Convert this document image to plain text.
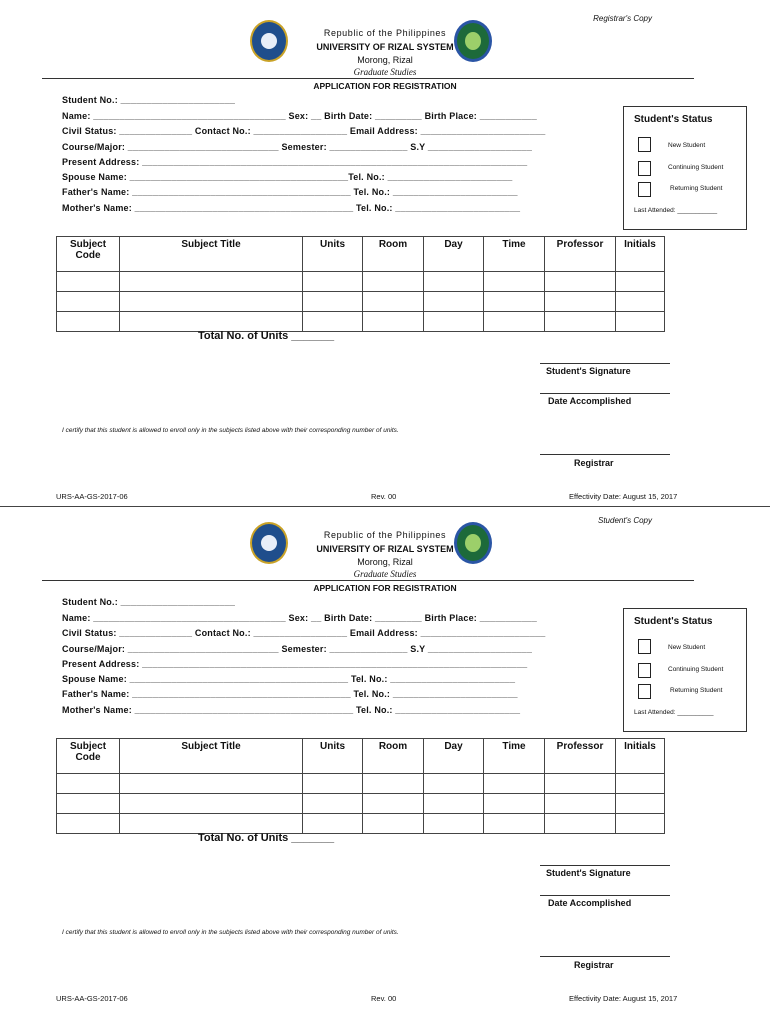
Registrar's Copy
Republic of the Philippines
UNIVERSITY OF RIZAL SYSTEM
Morong, Rizal
Graduate Studies
APPLICATION FOR REGISTRATION
Student No.: ______________________
Name: _____________________________________ Sex: __ Birth Date: _________ Birth Place: ___________
Civil Status: ______________ Contact No.: __________________ Email Address: ________________________
Course/Major: _____________________________ Semester: _______________ S.Y ____________________
Present Address: __________________________________________________________________________
Spouse Name: __________________________________________Tel. No.: ________________________
Father's Name: __________________________________________ Tel. No.: ________________________
Mother's Name: __________________________________________ Tel. No.: ________________________
Student's Status
New Student
Continuing Student
Returning Student
Last Attended: ___________
Subject Code	Subject Title	Units	Room	Day	Time	Professor	Initials

Total No. of Units _______
Student's Signature
Date Accomplished
I certify that this student is allowed to enroll only in the subjects listed above with their corresponding number of units.
Registrar
URS-AA-GS-2017-06	Rev. 00	Effectivity Date: August 15, 2017
Student's Copy
Republic of the Philippines
UNIVERSITY OF RIZAL SYSTEM
Morong, Rizal
Graduate Studies
APPLICATION FOR REGISTRATION
Student No.: ______________________
Name: _____________________________________ Sex: __ Birth Date: _________ Birth Place: ___________
Civil Status: ______________ Contact No.: __________________ Email Address: ________________________
Course/Major: _____________________________ Semester: _______________ S.Y ____________________
Present Address: __________________________________________________________________________
Spouse Name: __________________________________________ Tel. No.: ________________________
Father's Name: __________________________________________ Tel. No.: ________________________
Mother's Name: __________________________________________ Tel. No.: ________________________
Student's Status
New Student
Continuing Student
Returning Student
Last Attended: __________
Subject Code	Subject Title	Units	Room	Day	Time	Professor	Initials

Total No. of Units _______
Student's Signature
Date Accomplished
I certify that this student is allowed to enroll only in the subjects listed above with their corresponding number of units.
Registrar
URS-AA-GS-2017-06	Rev. 00	Effectivity Date: August 15, 2017
